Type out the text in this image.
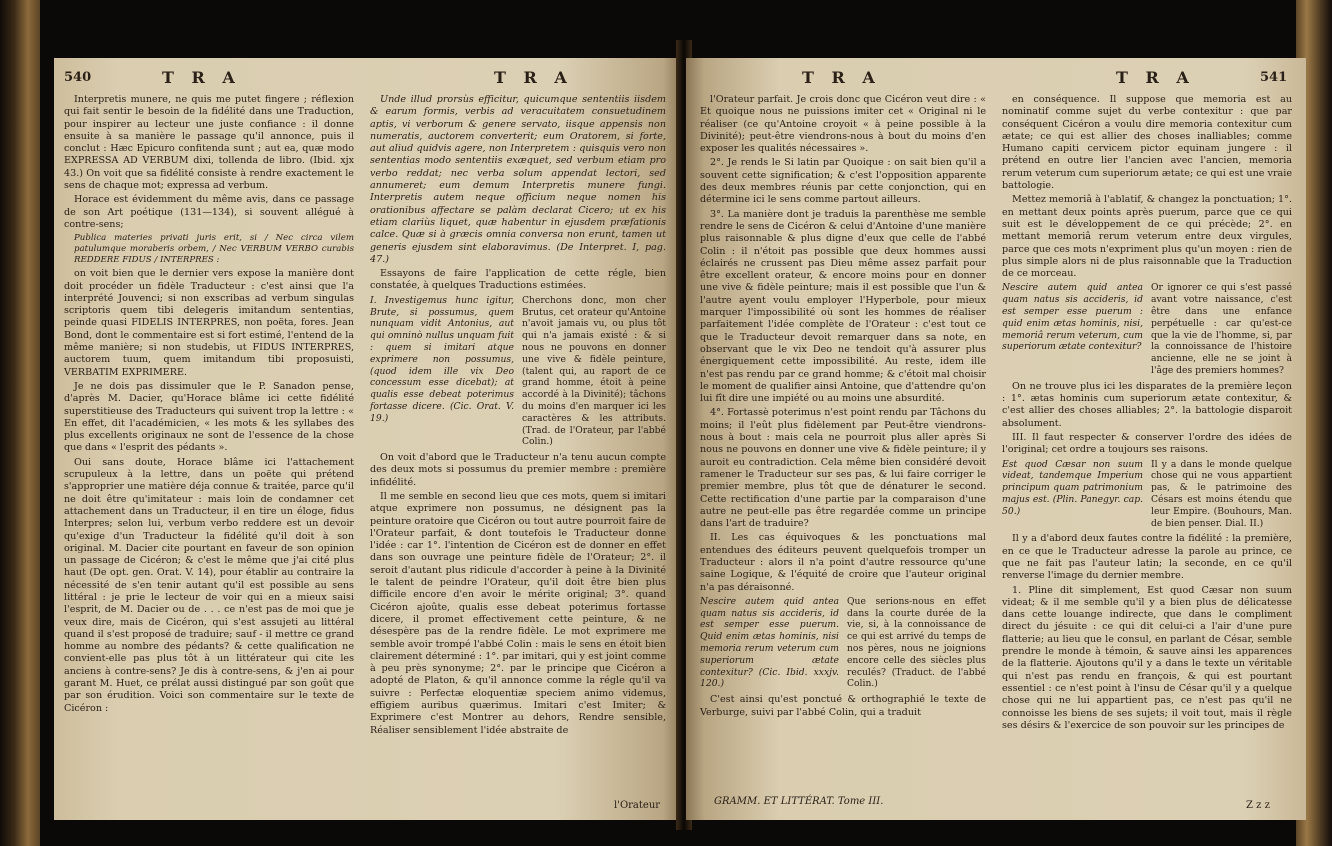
540	T R A	T R A

Interpretis munere, ne quis me putet fingere ; réflexion qui fait sentir le besoin de la fidélité dans une Traduction, pour inspirer au lecteur une juste confiance : il donne ensuite à sa manière le passage qu'il annonce, puis il conclut : Hæc Epicuro confitenda sunt ; aut ea, quæ modo EXPRESSA AD VERBUM dixi, tollenda de libro. (Ibid. xjx 43.) On voit que sa fidélité consiste à rendre exactement le sens de chaque mot; expressa ad verbum.

Horace est évidemment du même avis, dans ce passage de son Art poétique (131—134), si souvent allégué à contre-sens;

Publica materies privati juris erit, si / Nec circa vilem patulumque moraberis orbem, / Nec VERBUM VERBO curabis REDDERE FIDUS / INTERPRES :

on voit bien que le dernier vers expose la manière dont doit procéder un fidèle Traducteur : c'est ainsi que l'a interprété Jouvenci; si non exscribas ad verbum singulas scriptoris quem tibi delegeris imitandum sententias, peinde quasi FIDELIS INTERPRES, non poëta, fores. Jean Bond, dont le commentaire est si fort estimé, l'entend de la même manière; si non studebis, ut FIDUS INTERPRES, auctorem tuum, quem imitandum tibi proposuisti, VERBATIM EXPRIMERE.

Je ne dois pas dissimuler que le P. Sanadon pense, d'après M. Dacier, qu'Horace blâme ici cette fidélité superstitieuse des Traducteurs qui suivent trop la lettre : « En effet, dit l'académicien, « les mots & les syllabes des plus excellents originaux ne sont de l'essence de la chose que dans « l'esprit des pédants ».

Oui sans doute, Horace blâme ici l'attachement scrupuleux à la lettre, dans un poëte qui prétend s'approprier une matière déja connue & traitée, parce qu'il ne doit être qu'imitateur : mais loin de condamner cet attachement dans un Traducteur, il en tire un éloge, fidus Interpres; selon lui, verbum verbo reddere est un devoir qu'exige d'un Traducteur la fidélité qu'il doit à son original. M. Dacier cite pourtant en faveur de son opinion un passage de Cicéron; & c'est le même que j'ai cité plus haut (De opt. gen. Orat. V. 14), pour établir au contraire la nécessité de s'en tenir autant qu'il est possible au sens littéral : je prie le lecteur de voir qui en a mieux saisi l'esprit, de M. Dacier ou de . . . ce n'est pas de moi que je veux dire, mais de Cicéron, qui s'est assujeti au littéral quand il s'est proposé de traduire; sauf - il mettre ce grand homme au nombre des pédants? & cette qualification ne convient-elle pas plus tôt à un littérateur qui cite les anciens à contre-sens? Je dis à contre-sens, & j'en ai pour garant M. Huet, ce prélat aussi distingué par son goût que par son érudition. Voici son commentaire sur le texte de Cicéron :

Unde illud prorsùs efficitur, quicumque sententiis iisdem & earum formis, verbis ad veracuitatem consuetudinem aptis, vi verborum & genere servato, iisque appensis non numeratis, auctorem converterit; eum Oratorem, si forte, aut aliud quidvis agere, non Interpretem : quisquis vero non sententias modo sententiis exæquet, sed verbum etiam pro verbo reddat; nec verba solum appendat lectori, sed annumeret; eum demum Interpretis munere fungi. Interpretis autem neque officium neque nomen his orationibus affectare se palàm declarat Cicero; ut ex his etiam clariùs liquet, quæ habentur in ejusdem præfationis calce. Quæ si à græcis omnia conversa non erunt, tamen ut generis ejusdem sint elaboravimus. (De Interpret. I, pag. 47.)

Essayons de faire l'application de cette régle, bien constatée, à quelques Traductions estimées.

I. Investigemus hunc igitur, Brute, si possumus, quem nunquam vidit Antonius, aut qui omninò nullus unquam fuit : quem si imitari atque exprimere non possumus, (quod idem ille vix Deo concessum esse dicebat); at qualis esse debeat poterimus fortasse dicere. (Cic. Orat. V. 19.)
Cherchons donc, mon cher Brutus, cet orateur qu'Antoine n'avoit jamais vu, ou plus tôt qui n'a jamais existé : & si nous ne pouvons en donner une vive & fidèle peinture, (talent qui, au raport de ce grand homme, étoit à peine accordé à la Divinité); tâchons du moins d'en marquer ici les caractères & les attributs. (Trad. de l'Orateur, par l'abbé Colin.)

On voit d'abord que le Traducteur n'a tenu aucun compte des deux mots si possumus du premier membre : première infidélité.

Il me semble en second lieu que ces mots, quem si imitari atque exprimere non possumus, ne désignent pas la peinture oratoire que Cicéron ou tout autre pourroit faire de l'Orateur parfait, & dont toutefois le Traducteur donne l'idée : car 1°. l'intention de Cicéron est de donner en effet dans son ouvrage une peinture fidèle de l'Orateur; 2°. il seroit d'autant plus ridicule d'accorder à peine à la Divinité le talent de peindre l'Orateur, qu'il doit être bien plus difficile encore d'en avoir le mérite original; 3°. quand Cicéron ajoûte, qualis esse debeat poterimus fortasse dicere, il promet effectivement cette peinture, & ne désespère pas de la rendre fidèle. Le mot exprimere me semble avoir trompé l'abbé Colin : mais le sens en étoit bien clairement déterminé : 1°. par imitari, qui y est joint comme à peu près synonyme; 2°. par le principe que Cicéron a adopté de Platon, & qu'il annonce comme la régle qu'il va suivre : Perfectæ eloquentiæ speciem animo videmus, effigiem auribus quærimus. Imitari c'est Imiter; & Exprimere c'est Montrer au dehors, Rendre sensible, Réaliser sensiblement l'idée abstraite de

l'Orateur
T R A	T R A	541

l'Orateur parfait. Je crois donc que Cicéron veut dire : « Et quoique nous ne puissions imiter cet « Original ni le réaliser (ce qu'Antoine croyoit « à peine possible à la Divinité); peut-être viendrons-nous à bout du moins d'en exposer les qualités nécessaires ».

2°. Je rends le Si latin par Quoique : on sait bien qu'il a souvent cette signification; & c'est l'opposition apparente des deux membres réunis par cette conjonction, qui en détermine ici le sens comme partout ailleurs.

3°. La manière dont je traduis la parenthèse me semble rendre le sens de Cicéron & celui d'Antoine d'une manière plus raisonnable & plus digne d'eux que celle de l'abbé Colin : il n'étoit pas possible que deux hommes aussi éclairés ne crussent pas Dieu même assez parfait pour être excellent orateur, & encore moins pour en donner une vive & fidèle peinture; mais il est possible que l'un & l'autre ayent voulu employer l'Hyperbole, pour mieux marquer l'impossibilité où sont les hommes de réaliser parfaitement l'idée complète de l'Orateur : c'est tout ce que le Traducteur devoit remarquer dans sa note, en observant que le vix Deo ne tendoit qu'à assurer plus énergiquement cette impossibilité. Au reste, idem ille n'est pas rendu par ce grand homme; & c'étoit mal choisir le moment de qualifier ainsi Antoine, que d'attendre qu'on lui fît dire une impiété ou au moins une absurdité.

4°. Fortassè poterimus n'est point rendu par Tâchons du moins; il l'eût plus fidèlement par Peut-être viendrons-nous à bout : mais cela ne pourroit plus aller après Si nous ne pouvons en donner une vive & fidèle peinture; il y auroit eu contradiction. Cela même bien considéré devoit ramener le Traducteur sur ses pas, & lui faire corriger le premier membre, plus tôt que de dénaturer le second. Cette rectification d'une partie par la comparaison d'une autre ne peut-elle pas être regardée comme un principe dans l'art de traduire?

II. Les cas équivoques & les ponctuations mal entendues des éditeurs peuvent quelquefois tromper un Traducteur : alors il n'a point d'autre ressource qu'une saine Logique, & l'équité de croire que l'auteur original n'a pas déraisonné.

Nescire autem quid antea quam natus sis accideris, id est semper esse puerum. Quid enim ætas hominis, nisi memoria rerum veterum cum superiorum ætate contexitur? (Cic. Ibid. xxxjv. 120.)
Que serions-nous en effet dans la courte durée de la vie, si, à la connoissance de ce qui est arrivé du temps de nos pères, nous ne joignions encore celle des siècles plus reculés? (Traduct. de l'abbé Colin.)

C'est ainsi qu'est ponctué & orthographié le texte de Verburge, suivi par l'abbé Colin, qui a traduit

GRAMM. ET LITTÉRAT. Tome III.

en conséquence. Il suppose que memoria est au nominatif comme sujet du verbe contexitur : que par conséquent Cicéron a voulu dire memoria contexitur cum ætate; ce qui est allier des choses inalliables; comme Humano capiti cervicem pictor equinam jungere : il prétend en outre lier l'ancien avec l'ancien, memoria rerum veterum cum superiorum ætate; ce qui est une vraie battologie.

Mettez memoriâ à l'ablatif, & changez la ponctuation; 1°. en mettant deux points après puerum, parce que ce qui suit est le développement de ce qui précède; 2°. en mettant memoriâ rerum veterum entre deux virgules, parce que ces mots n'expriment plus qu'un moyen : rien de plus simple alors ni de plus raisonnable que la Traduction de ce morceau.

Nescire autem quid antea quam natus sis accideris, id est semper esse puerum : quid enim ætas hominis, nisi, memoriâ rerum veterum, cum superiorum ætate contexitur?
Or ignorer ce qui s'est passé avant votre naissance, c'est être dans une enfance perpétuelle : car qu'est-ce que la vie de l'homme, si, par la connoissance de l'histoire ancienne, elle ne se joint à l'âge des premiers hommes?

On ne trouve plus ici les disparates de la première leçon : 1°. ætas hominis cum superiorum ætate contexitur, & c'est allier des choses alliables; 2°. la battologie disparoit absolument.

III. Il faut respecter & conserver l'ordre des idées de l'original; cet ordre a toujours ses raisons.

Est quod Cæsar non suum videat, tandemque Imperium principum quam patrimonium majus est. (Plin. Panegyr. cap. 50.)
Il y a dans le monde quelque chose qui ne vous appartient pas, & le patrimoine des Césars est moins étendu que leur Empire. (Bouhours, Man. de bien penser. Dial. II.)

Il y a d'abord deux fautes contre la fidélité : la première, en ce que le Traducteur adresse la parole au prince, ce que ne fait pas l'auteur latin; la seconde, en ce qu'il renverse l'image du dernier membre.

1. Pline dit simplement, Est quod Cæsar non suum videat; & il me semble qu'il y a bien plus de délicatesse dans cette louange indirecte, que dans le compliment direct du jésuite : ce qui dit celui-ci a l'air d'une pure flatterie; au lieu que le consul, en parlant de César, semble prendre le monde à témoin, & sauve ainsi les apparences de la flatterie. Ajoutons qu'il y a dans le texte un véritable qui n'est pas rendu en françois, & qui est pourtant essentiel : ce n'est point à l'insu de César qu'il y a quelque chose qui ne lui appartient pas, ce n'est pas qu'il ne connoisse les biens de ses sujets; il voit tout, mais il règle ses désirs & l'exercice de son pouvoir sur les principes de

Z z z
